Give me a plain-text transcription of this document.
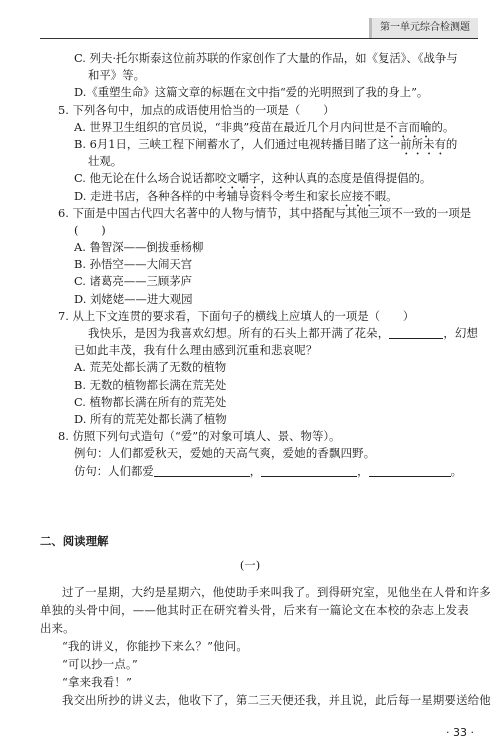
第一单元综合检测题
C. 列夫·托尔斯泰这位前苏联的作家创作了大量的作品，如《复活》、《战争与
和平》等。
D.《重塑生命》这篇文章的标题在文中指“爱的光明照到了我的身上”。
5. 下列各句中，加点的成语使用恰当的一项是（　　）
A. 世界卫生组织的官员说，“非典”疫苗在最近几个月内问世是不言而喻的。
B. 6月1日，三峡工程下闸蓄水了，人们通过电视转播目睹了这一前所未有的
壮观。
C. 他无论在什么场合说话都咬文嚼字，这种认真的态度是值得提倡的。
D. 走进书店，各种各样的中考辅导资料令考生和家长应接不暇。
6. 下面是中国古代四大名著中的人物与情节，其中搭配与其他三项不一致的一项是
(　　)
A. 鲁智深——倒拔垂杨柳
B. 孙悟空——大闹天宫
C. 诸葛亮——三顾茅庐
D. 刘姥姥——进大观园
7. 从上下文连贯的要求看，下面句子的横线上应填人的一项是（　　）
我快乐，是因为我喜欢幻想。所有的石头上都开满了花朵，	，幻想
已如此丰茂，我有什么理由感到沉重和悲哀呢？
A. 荒芜处都长满了无数的植物
B. 无数的植物都长满在荒芜处
C. 植物都长满在所有的荒芜处
D. 所有的荒芜处都长满了植物
8. 仿照下列句式造句（“爱”的对象可填人、景、物等）。
例句：人们都爱秋天，爱她的天高气爽，爱她的香飘四野。
仿句：人们都爱	，	，	。
二、阅读理解
(一)
过了一星期，大约是星期六，他使助手来叫我了。到得研究室，见他坐在人骨和许多
单独的头骨中间，——他其时正在研究着头骨，后来有一篇论文在本校的杂志上发表
出来。
“我的讲义，你能抄下来么？”他问。
“可以抄一点。”
“拿来我看！”
我交出所抄的讲义去，他收下了，第二三天便还我，并且说，此后每一星期要送给他
· 33 ·
